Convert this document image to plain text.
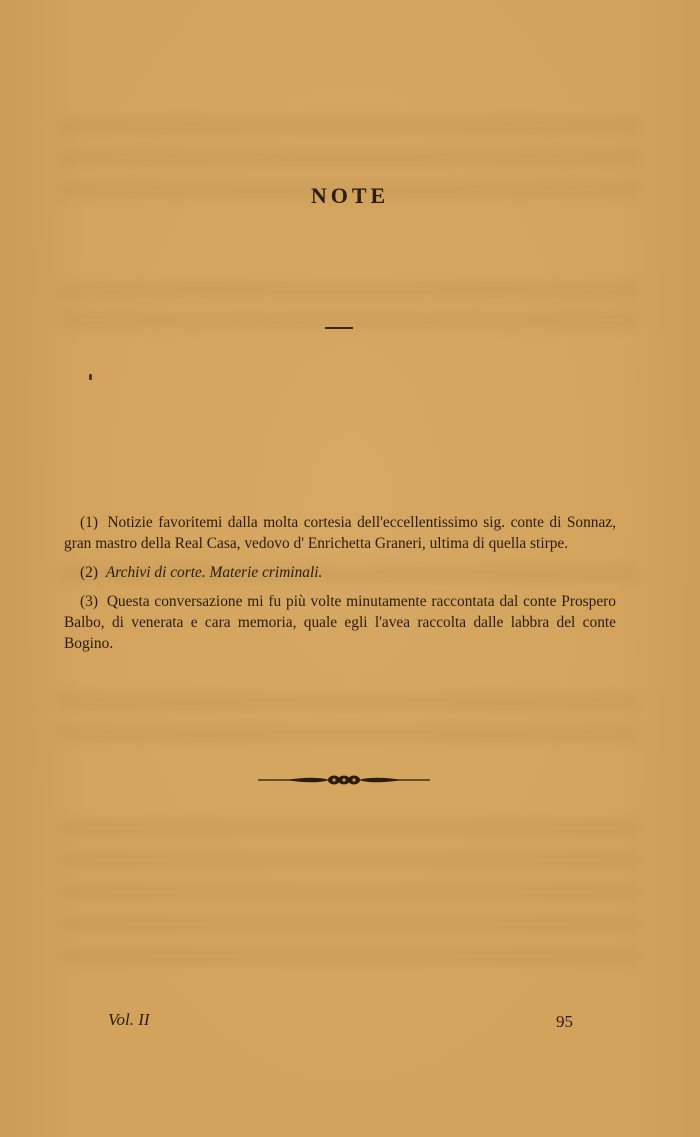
NOTE

(1) Notizie favoritemi dalla molta cortesia dell'eccellentissimo sig. conte di Sonnaz, gran mastro della Real Casa, vedovo d' Enrichetta Graneri, ultima di quella stirpe.

(2) Archivi di corte. Materie criminali.

(3) Questa conversazione mi fu più volte minutamente raccontata dal conte Prospero Balbo, di venerata e cara memoria, quale egli l'avea raccolta dalle labbra del conte Bogino.

Vol. II	95
